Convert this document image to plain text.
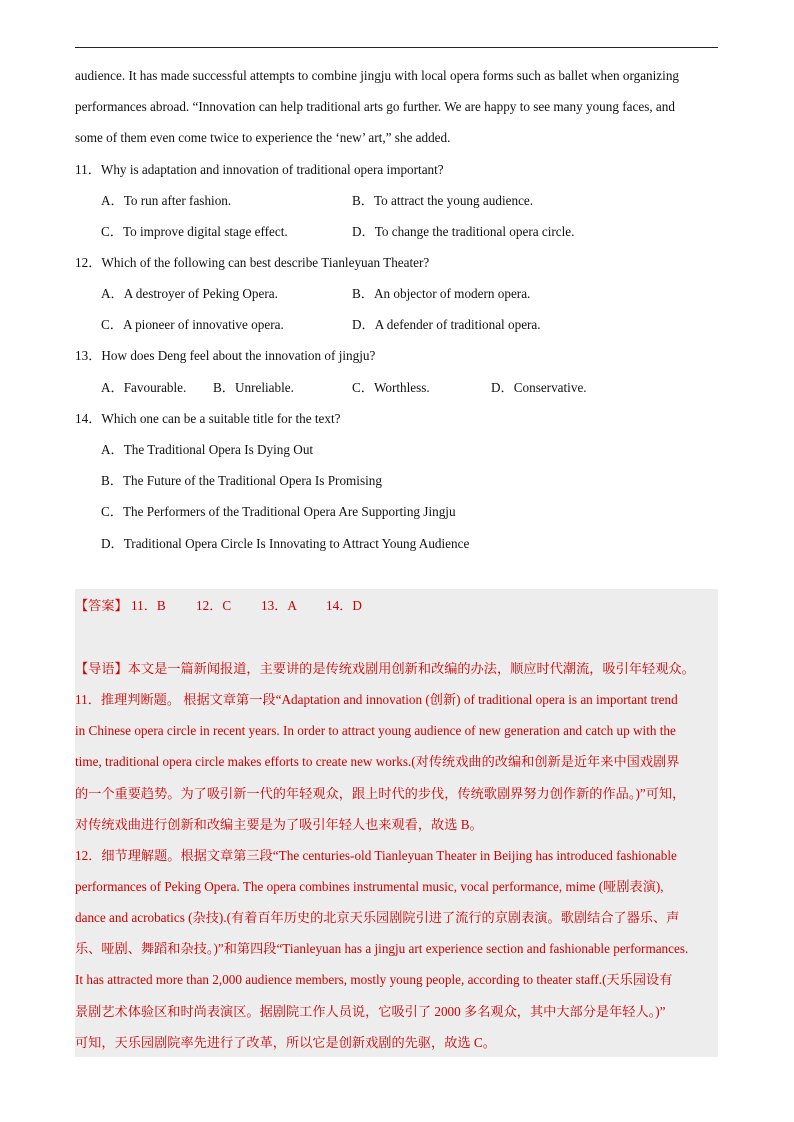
audience. It has made successful attempts to combine jingju with local opera forms such as ballet when organizing
performances abroad. “Innovation can help traditional arts go further. We are happy to see many young faces, and
some of them even come twice to experience the ‘new’ art,” she added.
11．Why is adaptation and innovation of traditional opera important?
A．To run after fashion.	B．To attract the young audience.
C．To improve digital stage effect.	D．To change the traditional opera circle.
12．Which of the following can best describe Tianleyuan Theater?
A．A destroyer of Peking Opera.	B．An objector of modern opera.
C．A pioneer of innovative opera.	D．A defender of traditional opera.
13．How does Deng feel about the innovation of jingju?
A．Favourable. B．Unreliable.	C．Worthless.	D．Conservative.
14．Which one can be a suitable title for the text?
A．The Traditional Opera Is Dying Out
B．The Future of the Traditional Opera Is Promising
C．The Performers of the Traditional Opera Are Supporting Jingju
D．Traditional Opera Circle Is Innovating to Attract Young Audience
【答案】 11．B 12．C 13．A 14．D
【导语】本文是一篇新闻报道，主要讲的是传统戏剧用创新和改编的办法，顺应时代潮流，吸引年轻观众。
11．推理判断题。 根据文章第一段“Adaptation and innovation (创新) of traditional opera is an important trend
in Chinese opera circle in recent years. In order to attract young audience of new generation and catch up with the
time, traditional opera circle makes efforts to create new works.(对传统戏曲的改编和创新是近年来中国戏剧界
的一个重要趋势。为了吸引新一代的年轻观众，跟上时代的步伐，传统歌剧界努力创作新的作品。)”可知，
对传统戏曲进行创新和改编主要是为了吸引年轻人也来观看，故选 B。
12．细节理解题。根据文章第三段“The centuries-old Tianleyuan Theater in Beijing has introduced fashionable
performances of Peking Opera. The opera combines instrumental music, vocal performance, mime (哑剧表演),
dance and acrobatics (杂技).(有着百年历史的北京天乐园剧院引进了流行的京剧表演。歌剧结合了器乐、声
乐、哑剧、舞蹈和杂技。)”和第四段“Tianleyuan has a jingju art experience section and fashionable performances.
It has attracted more than 2,000 audience members, mostly young people, according to theater staff.(天乐园设有
景剧艺术体验区和时尚表演区。据剧院工作人员说，它吸引了 2000 多名观众，其中大部分是年轻人。)”
可知，天乐园剧院率先进行了改革，所以它是创新戏剧的先驱，故选 C。
